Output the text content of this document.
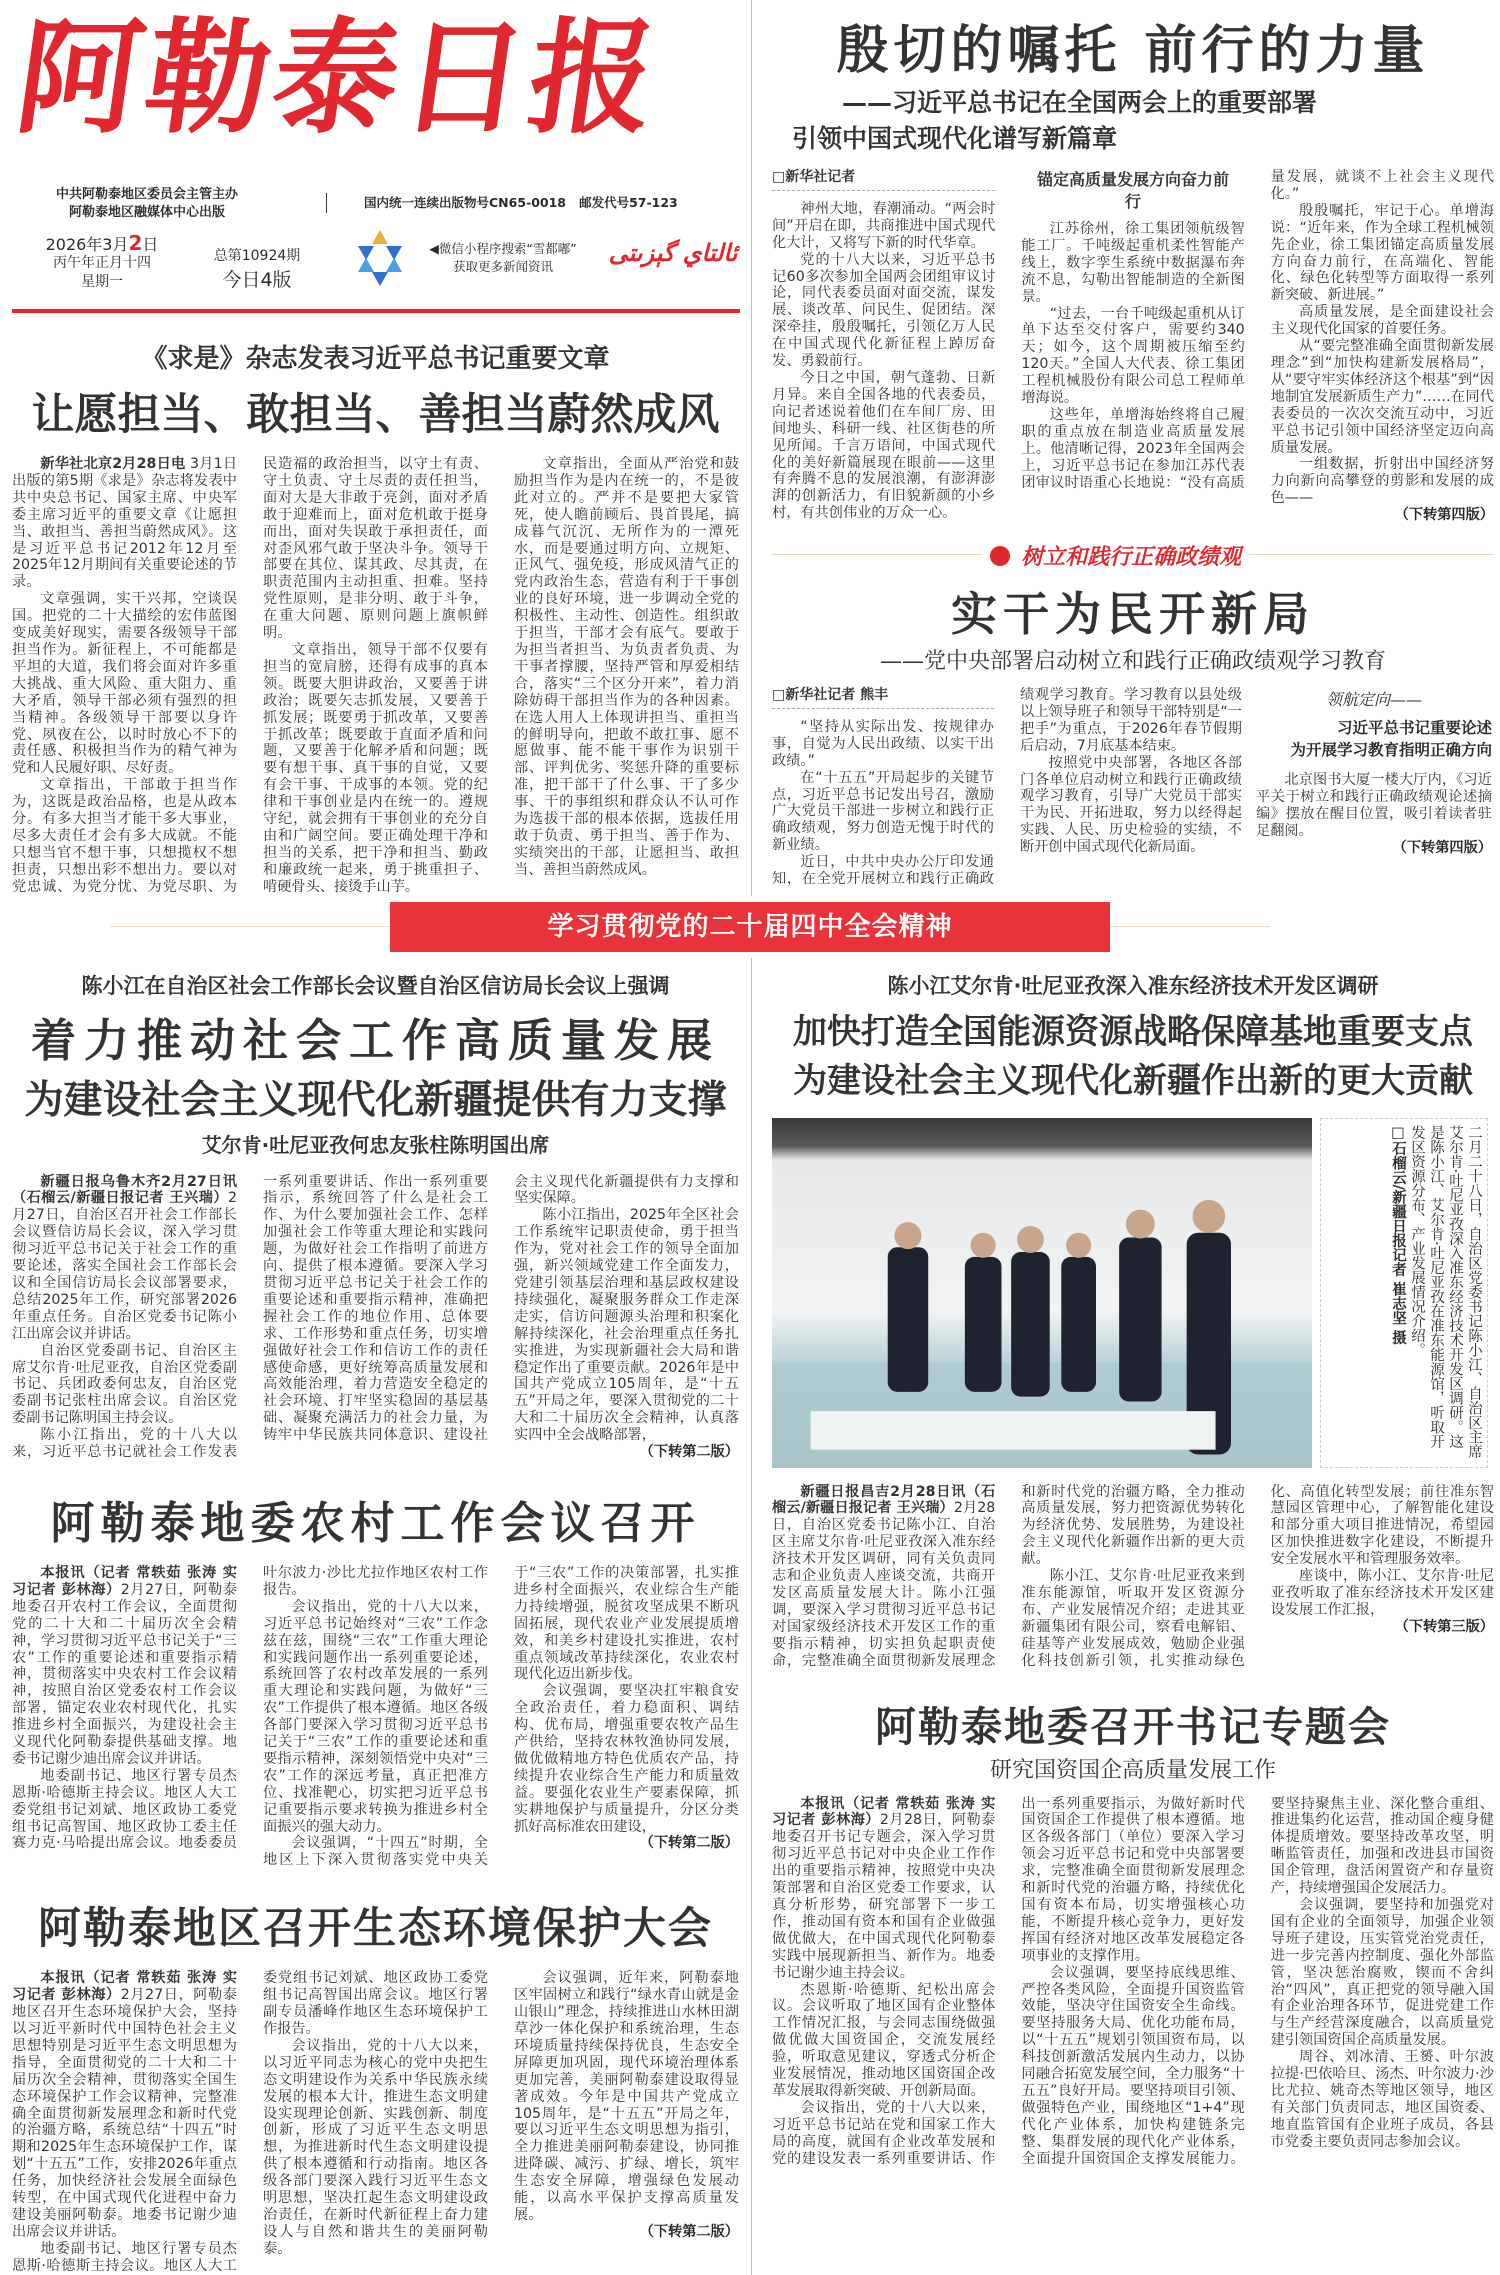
阿勒泰日报
中共阿勒泰地区委员会主管主办
阿勒泰地区融媒体中心出版
国内统一连续出版物号CN65-0018 邮发代号57-123
2026年3月2日
丙午年正月十四
星期一
总第10924期
今日4版
◀微信小程序搜索“雪都嘟”
获取更多新闻资讯	ئالتاي گېزىتى
《求是》杂志发表习近平总书记重要文章
让愿担当、敢担当、善担当蔚然成风

新华社北京2月28日电 3月1日出版的第5期《求是》杂志将发表中共中央总书记、国家主席、中央军委主席习近平的重要文章《让愿担当、敢担当、善担当蔚然成风》。这是习近平总书记2012年12月至2025年12月期间有关重要论述的节录。

文章强调，实干兴邦，空谈误国。把党的二十大描绘的宏伟蓝图变成美好现实，需要各级领导干部担当作为。新征程上，不可能都是平坦的大道，我们将会面对许多重大挑战、重大风险、重大阻力、重大矛盾，领导干部必须有强烈的担当精神。各级领导干部要以身许党、夙夜在公，以时时放心不下的责任感、积极担当作为的精气神为党和人民履好职、尽好责。

文章指出，干部敢于担当作为，这既是政治品格，也是从政本分。有多大担当才能干多大事业，尽多大责任才会有多大成就。不能只想当官不想干事，只想揽权不想担责，只想出彩不想出力。要以对党忠诚、为党分忧、为党尽职、为民造福的政治担当，以守土有责、守土负责、守土尽责的责任担当，面对大是大非敢于亮剑，面对矛盾敢于迎难而上，面对危机敢于挺身而出，面对失误敢于承担责任，面对歪风邪气敢于坚决斗争。领导干部要在其位、谋其政、尽其责，在职责范围内主动担重、担难。坚持党性原则，是非分明、敢于斗争，在重大问题、原则问题上旗帜鲜明。

文章指出，领导干部不仅要有担当的宽肩膀，还得有成事的真本领。既要大胆讲政治，又要善于讲政治；既要矢志抓发展，又要善于抓发展；既要勇于抓改革，又要善于抓改革；既要敢于直面矛盾和问题，又要善于化解矛盾和问题；既要有想干事、真干事的自觉，又要有会干事、干成事的本领。党的纪律和干事创业是内在统一的。遵规守纪，就会拥有干事创业的充分自由和广阔空间。要正确处理干净和担当的关系，把干净和担当、勤政和廉政统一起来，勇于挑重担子、啃硬骨头、接烫手山芋。

文章指出，全面从严治党和鼓励担当作为是内在统一的，不是彼此对立的。严并不是要把大家管死，使人瞻前顾后、畏首畏尾，搞成暮气沉沉、无所作为的一潭死水，而是要通过明方向、立规矩、正风气、强免疫，形成风清气正的党内政治生态，营造有利于干事创业的良好环境，进一步调动全党的积极性、主动性、创造性。组织敢于担当，干部才会有底气。要敢于为担当者担当、为负责者负责、为干事者撑腰，坚持严管和厚爱相结合，落实“三个区分开来”，着力消除妨碍干部担当作为的各种因素。在选人用人上体现讲担当、重担当的鲜明导向，把敢不敢扛事、愿不愿做事、能不能干事作为识别干部、评判优劣、奖惩升降的重要标准，把干部干了什么事、干了多少事、干的事组织和群众认不认可作为选拔干部的根本依据，选拔任用敢于负责、勇于担当、善于作为、实绩突出的干部，让愿担当、敢担当、善担当蔚然成风。

殷切的嘱托 前行的力量
——习近平总书记在全国两会上的重要部署
引领中国式现代化谱写新篇章
□新华社记者

神州大地，春潮涌动。“两会时间”开启在即，共商推进中国式现代化大计，又将写下新的时代华章。

党的十八大以来，习近平总书记60多次参加全国两会团组审议讨论，同代表委员面对面交流，谋发展、谈改革、问民生、促团结。深深牵挂，殷殷嘱托，引领亿万人民在中国式现代化新征程上踔厉奋发、勇毅前行。

今日之中国，朝气蓬勃、日新月异。来自全国各地的代表委员，向记者述说着他们在车间厂房、田间地头、科研一线、社区街巷的所见所闻。千言万语间，中国式现代化的美好新篇展现在眼前——这里有奔腾不息的发展浪潮，有澎湃澎湃的创新活力，有旧貌新颜的小乡村，有共创伟业的万众一心。

锚定高质量发展方向奋力前行

江苏徐州，徐工集团领航级智能工厂。千吨级起重机柔性智能产线上，数字孪生系统中数据瀑布奔流不息，勾勒出智能制造的全新图景。

“过去，一台千吨级起重机从订单下达至交付客户，需要约340天；如今，这个周期被压缩至约120天。”全国人大代表、徐工集团工程机械股份有限公司总工程师单增海说。

这些年，单增海始终将自己履职的重点放在制造业高质量发展上。他清晰记得，2023年全国两会上，习近平总书记在参加江苏代表团审议时语重心长地说：“没有高质量发展，就谈不上社会主义现代化。”

殷殷嘱托，牢记于心。单增海说：“近年来，作为全球工程机械领先企业，徐工集团锚定高质量发展方向奋力前行，在高端化、智能化、绿色化转型等方面取得一系列新突破、新进展。”

高质量发展，是全面建设社会主义现代化国家的首要任务。

从“要完整准确全面贯彻新发展理念”到“加快构建新发展格局”，从“要守牢实体经济这个根基”到“因地制宜发展新质生产力”……在同代表委员的一次次交流互动中，习近平总书记引领中国经济坚定迈向高质量发展。

一组数据，折射出中国经济努力向新向高攀登的剪影和发展的成色——

（下转第四版）
树立和践行正确政绩观
实干为民开新局
——党中央部署启动树立和践行正确政绩观学习教育
□新华社记者 熊丰

“坚持从实际出发、按规律办事，自觉为人民出政绩、以实干出政绩。”

在“十五五”开局起步的关键节点，习近平总书记发出号召，激励广大党员干部进一步树立和践行正确政绩观，努力创造无愧于时代的新业绩。

近日，中共中央办公厅印发通知，在全党开展树立和践行正确政绩观学习教育。学习教育以县处级以上领导班子和领导干部特别是“一把手”为重点，于2026年春节假期后启动，7月底基本结束。

按照党中央部署，各地区各部门各单位启动树立和践行正确政绩观学习教育，引导广大党员干部实干为民、开拓进取，努力以经得起实践、人民、历史检验的实绩，不断开创中国式现代化新局面。

领航定向——
习近平总书记重要论述
为开展学习教育指明正确方向

北京图书大厦一楼大厅内，《习近平关于树立和践行正确政绩观论述摘编》摆放在醒目位置，吸引着读者驻足翻阅。

（下转第四版）
学习贯彻党的二十届四中全会精神
陈小江在自治区社会工作部长会议暨自治区信访局长会议上强调
着力推动社会工作高质量发展
为建设社会主义现代化新疆提供有力支撑
艾尔肯·吐尼亚孜何忠友张柱陈明国出席

新疆日报乌鲁木齐2月27日讯（石榴云/新疆日报记者 王兴瑞）2月27日，自治区召开社会工作部长会议暨信访局长会议，深入学习贯彻习近平总书记关于社会工作的重要论述，落实全国社会工作部长会议和全国信访局长会议部署要求，总结2025年工作，研究部署2026年重点任务。自治区党委书记陈小江出席会议并讲话。

自治区党委副书记、自治区主席艾尔肯·吐尼亚孜，自治区党委副书记、兵团政委何忠友，自治区党委副书记张柱出席会议。自治区党委副书记陈明国主持会议。

陈小江指出，党的十八大以来，习近平总书记就社会工作发表一系列重要讲话、作出一系列重要指示，系统回答了什么是社会工作、为什么要加强社会工作、怎样加强社会工作等重大理论和实践问题，为做好社会工作指明了前进方向、提供了根本遵循。要深入学习贯彻习近平总书记关于社会工作的重要论述和重要指示精神，准确把握社会工作的地位作用、总体要求、工作形势和重点任务，切实增强做好社会工作和信访工作的责任感使命感，更好统筹高质量发展和高效能治理，着力营造安全稳定的社会环境、打牢坚实稳固的基层基础、凝聚充满活力的社会力量，为铸牢中华民族共同体意识、建设社会主义现代化新疆提供有力支撑和坚实保障。

陈小江指出，2025年全区社会工作系统牢记职责使命，勇于担当作为，党对社会工作的领导全面加强，新兴领域党建工作全面发力，党建引领基层治理和基层政权建设持续强化，凝聚服务群众工作走深走实，信访问题源头治理和积案化解持续深化，社会治理重点任务扎实推进，为实现新疆社会大局和谐稳定作出了重要贡献。2026年是中国共产党成立105周年，是“十五五”开局之年，要深入贯彻党的二十大和二十届历次全会精神，认真落实四中全会战略部署，

（下转第二版）
阿勒泰地委农村工作会议召开

本报讯（记者 常轶茹 张涛 实习记者 彭林海）2月27日，阿勒泰地委召开农村工作会议，全面贯彻党的二十大和二十届历次全会精神，学习贯彻习近平总书记关于“三农”工作的重要论述和重要指示精神，贯彻落实中央农村工作会议精神，按照自治区党委农村工作会议部署，锚定农业农村现代化，扎实推进乡村全面振兴，为建设社会主义现代化阿勒泰提供基础支撑。地委书记谢少迪出席会议并讲话。

地委副书记、地区行署专员杰恩斯·哈德斯主持会议。地区人大工委党组书记刘斌、地区政协工委党组书记高智国、地区政协工委主任赛力克·马哈提出席会议。地委委员叶尔波力·沙比尤拉作地区农村工作报告。

会议指出，党的十八大以来，习近平总书记始终对“三农”工作念兹在兹，围绕“三农”工作重大理论和实践问题作出一系列重要论述，系统回答了农村改革发展的一系列重大理论和实践问题，为做好“三农”工作提供了根本遵循。地区各级各部门要深入学习贯彻习近平总书记关于“三农”工作的重要论述和重要指示精神，深刻领悟党中央对“三农”工作的深远考量，真正把准方位、找准靶心，切实把习近平总书记重要指示要求转换为推进乡村全面振兴的强大动力。

会议强调，“十四五”时期，全地区上下深入贯彻落实党中央关于“三农”工作的决策部署，扎实推进乡村全面振兴，农业综合生产能力持续增强，脱贫攻坚成果不断巩固拓展，现代农业产业发展提质增效，和美乡村建设扎实推进，农村重点领域改革持续深化，农业农村现代化迈出新步伐。

会议强调，要坚决扛牢粮食安全政治责任，着力稳面积、调结构、优布局，增强重要农牧产品生产供给，坚持农林牧渔协同发展，做优做精地方特色优质农产品，持续提升农业综合生产能力和质量效益。要强化农业生产要素保障，抓实耕地保护与质量提升，分区分类抓好高标准农田建设，

（下转第二版）
阿勒泰地区召开生态环境保护大会

本报讯（记者 常轶茹 张涛 实习记者 彭林海）2月27日，阿勒泰地区召开生态环境保护大会，坚持以习近平新时代中国特色社会主义思想特别是习近平生态文明思想为指导，全面贯彻党的二十大和二十届历次全会精神，贯彻落实全国生态环境保护工作会议精神，完整准确全面贯彻新发展理念和新时代党的治疆方略，系统总结“十四五”时期和2025年生态环境保护工作，谋划“十五五”工作，安排2026年重点任务，加快经济社会发展全面绿色转型，在中国式现代化进程中奋力建设美丽阿勒泰。地委书记谢少迪出席会议并讲话。

地委副书记、地区行署专员杰恩斯·哈德斯主持会议。地区人大工委党组书记刘斌、地区政协工委党组书记高智国出席会议。地区行署副专员潘峰作地区生态环境保护工作报告。

会议指出，党的十八大以来，以习近平同志为核心的党中央把生态文明建设作为关系中华民族永续发展的根本大计，推进生态文明建设实现理论创新、实践创新、制度创新，形成了习近平生态文明思想，为推进新时代生态文明建设提供了根本遵循和行动指南。地区各级各部门要深入践行习近平生态文明思想，坚决扛起生态文明建设政治责任，在新时代新征程上奋力建设人与自然和谐共生的美丽阿勒泰。

会议强调，近年来，阿勒泰地区牢固树立和践行“绿水青山就是金山银山”理念，持续推进山水林田湖草沙一体化保护和系统治理，生态环境质量持续保持优良，生态安全屏障更加巩固，现代环境治理体系更加完善，美丽阿勒泰建设取得显著成效。今年是中国共产党成立105周年，是“十五五”开局之年，要以习近平生态文明思想为指引，全力推进美丽阿勒泰建设，协同推进降碳、减污、扩绿、增长，筑牢生态安全屏障，增强绿色发展动能，以高水平保护支撑高质量发展。

（下转第二版）
陈小江艾尔肯·吐尼亚孜深入准东经济技术开发区调研
加快打造全国能源资源战略保障基地重要支点
为建设社会主义现代化新疆作出新的更大贡献
二月二十八日，自治区党委书记陈小江、自治区主席艾尔肯·吐尼亚孜深入准东经济技术开发区调研。这是陈小江、艾尔肯·吐尼亚孜在准东能源馆，听取开发区资源分布、产业发展情况介绍。
□石榴云/新疆日报记者 崔志坚 摄

新疆日报昌吉2月28日讯（石榴云/新疆日报记者 王兴瑞）2月28日，自治区党委书记陈小江、自治区主席艾尔肯·吐尼亚孜深入准东经济技术开发区调研，同有关负责同志和企业负责人座谈交流，共商开发区高质量发展大计。陈小江强调，要深入学习贯彻习近平总书记对国家级经济技术开发区工作的重要指示精神，切实担负起职责使命，完整准确全面贯彻新发展理念和新时代党的治疆方略，全力推动高质量发展，努力把资源优势转化为经济优势、发展胜势，为建设社会主义现代化新疆作出新的更大贡献。

陈小江、艾尔肯·吐尼亚孜来到准东能源馆，听取开发区资源分布、产业发展情况介绍；走进其亚新疆集团有限公司，察看电解铝、硅基等产业发展成效，勉励企业强化科技创新引领，扎实推动绿色化、高值化转型发展；前往准东智慧园区管理中心，了解智能化建设和部分重大项目推进情况，希望园区加快推进数字化建设，不断提升安全发展水平和管理服务效率。

座谈中，陈小江、艾尔肯·吐尼亚孜听取了准东经济技术开发区建设发展工作汇报，

（下转第三版）
阿勒泰地委召开书记专题会
研究国资国企高质量发展工作

本报讯（记者 常轶茹 张涛 实习记者 彭林海）2月28日，阿勒泰地委召开书记专题会，深入学习贯彻习近平总书记对中央企业工作作出的重要指示精神，按照党中央决策部署和自治区党委工作要求，认真分析形势，研究部署下一步工作，推动国有资本和国有企业做强做优做大，在中国式现代化阿勒泰实践中展现新担当、新作为。地委书记谢少迪主持会议。

杰恩斯·哈德斯、纪松出席会议。会议听取了地区国有企业整体工作情况汇报，与会同志围绕做强做优做大国资国企，交流发展经验，听取意见建议，穿透式分析企业发展情况，推动地区国资国企改革发展取得新突破、开创新局面。

会议指出，党的十八大以来，习近平总书记站在党和国家工作大局的高度，就国有企业改革发展和党的建设发表一系列重要讲话、作出一系列重要指示，为做好新时代国资国企工作提供了根本遵循。地区各级各部门（单位）要深入学习领会习近平总书记和党中央部署要求，完整准确全面贯彻新发展理念和新时代党的治疆方略，持续优化国有资本布局，切实增强核心功能，不断提升核心竞争力，更好发挥国有经济对地区改革发展稳定各项事业的支撑作用。

会议强调，要坚持底线思维、严控各类风险，全面提升国资监管效能，坚决守住国资安全生命线。要坚持服务大局、优化功能布局，以“十五五”规划引领国资布局，以科技创新激活发展内生动力，以协同融合拓宽发展空间，全力服务“十五五”良好开局。要坚持项目引领、做强特色产业，围绕地区“1+4”现代化产业体系，加快构建链条完整、集群发展的现代化产业体系，全面提升国资国企支撑发展能力。要坚持聚焦主业、深化整合重组、推进集约化运营，推动国企瘦身健体提质增效。要坚持改革攻坚，明晰监管责任，加强和改进县市国资国企管理，盘活闲置资产和存量资产，持续增强国企发展活力。

会议强调，要坚持和加强党对国有企业的全面领导，加强企业领导班子建设，压实管党治党责任，进一步完善内控制度、强化外部监管，坚决惩治腐败，锲而不舍纠治“四风”，真正把党的领导融入国有企业治理各环节，促进党建工作与生产经营深度融合，以高质量党建引领国资国企高质量发展。

周谷、刘冰清、王赟、叶尔波拉提·巴依哈旦、汤杰、叶尔波力·沙比尤拉、姚奇杰等地区领导，地区有关部门负责同志，地区国资委、地直监管国有企业班子成员，各县市党委主要负责同志参加会议。
